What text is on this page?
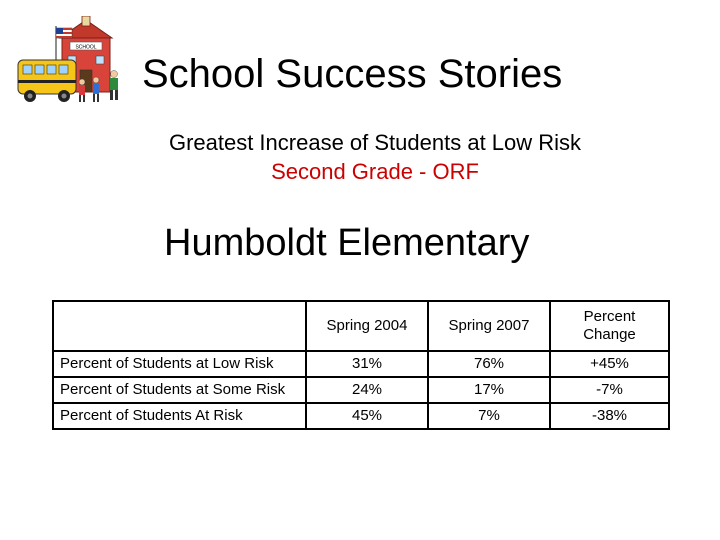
SCHOOL
School Success Stories
Greatest Increase of Students at Low Risk
Second Grade - ORF
Humboldt Elementary
	Spring 2004	Spring 2007	Percent
Change
Percent of Students at Low Risk	31%	76%	+45%
Percent of Students at Some Risk	24%	17%	-7%
Percent of Students At Risk	45%	7%	-38%
